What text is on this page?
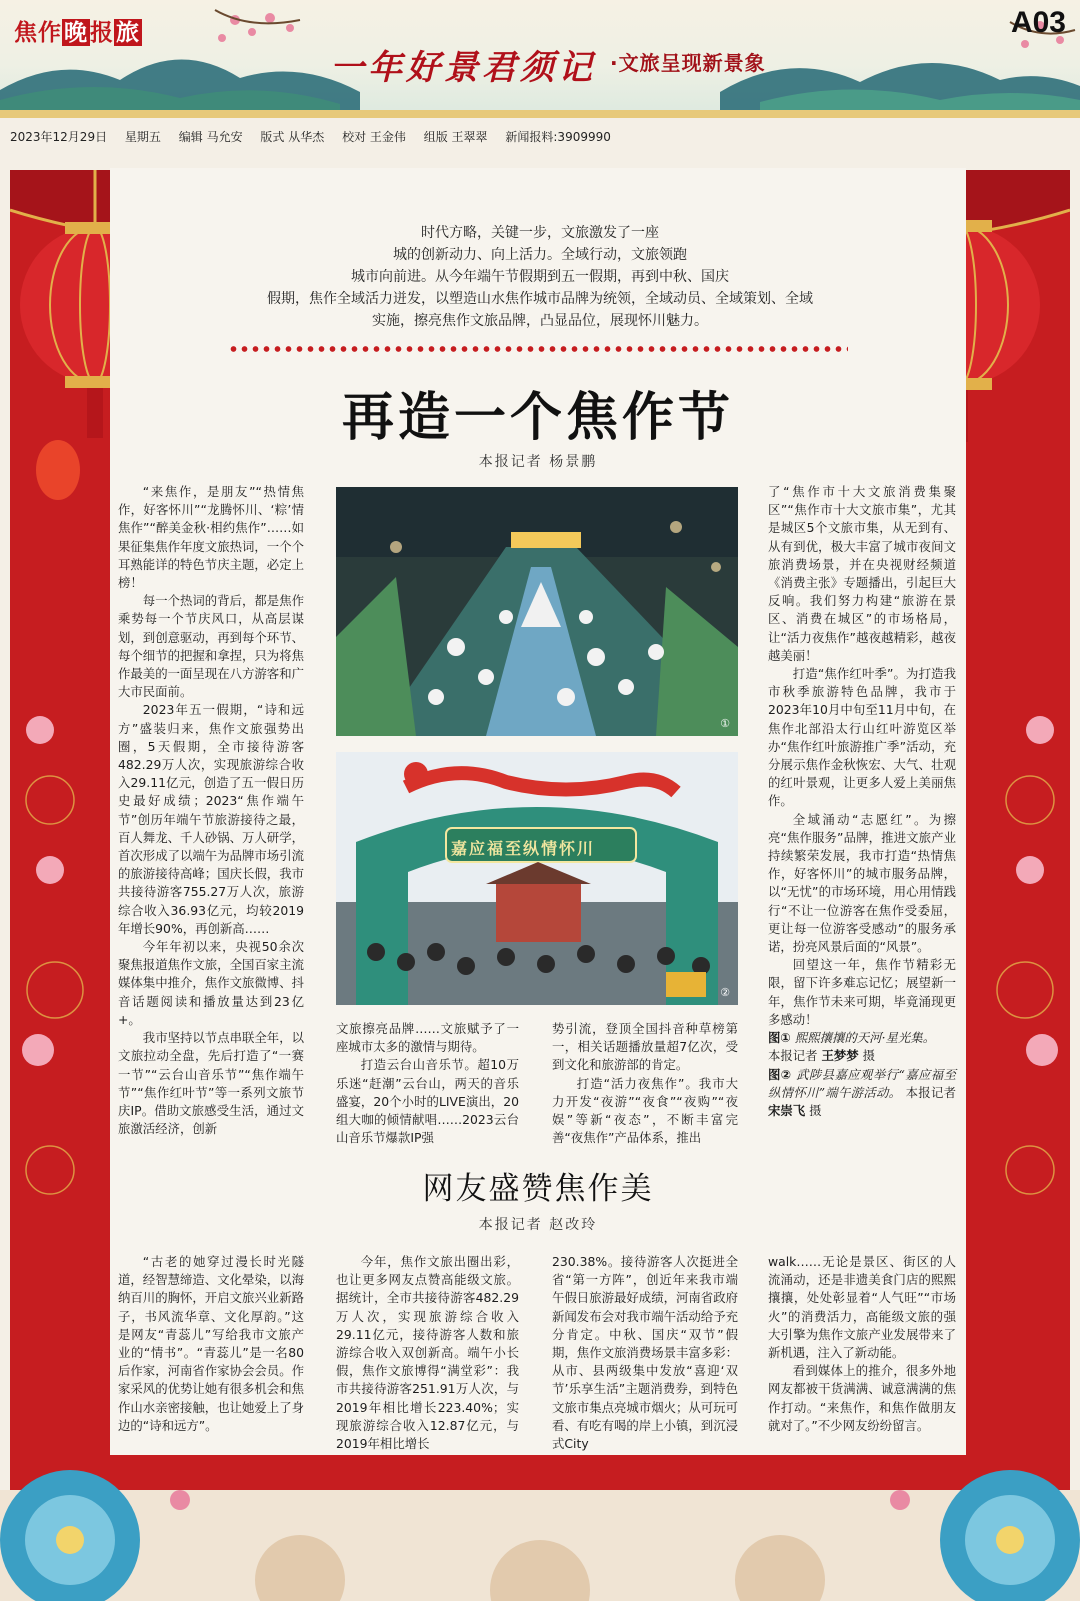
焦作晚报旅	A03
一年好景君须记 ·文旅呈现新景象
2023年12月29日 星期五 编辑 马允安 版式 从华杰 校对 王金伟 组版 王翠翠 新闻报料:3909990

时代方略，关键一步，文旅激发了一座

城的创新动力、向上活力。全域行动，文旅领跑

城市向前进。从今年端午节假期到五一假期，再到中秋、国庆

假期，焦作全域活力迸发，以塑造山水焦作城市品牌为统领，全域动员、全域策划、全域

实施，擦亮焦作文旅品牌，凸显品位，展现怀川魅力。

再造一个焦作节
本报记者 杨景鹏

“来焦作，是朋友”“热情焦作，好客怀川”“龙腾怀川、‘粽’情焦作”“醉美金秋·相约焦作”……如果征集焦作年度文旅热词，一个个耳熟能详的特色节庆主题，必定上榜！

每一个热词的背后，都是焦作乘势每一个节庆风口，从高层谋划，到创意驱动，再到每个环节、每个细节的把握和拿捏，只为将焦作最美的一面呈现在八方游客和广大市民面前。

2023年五一假期，“诗和远方”盛装归来，焦作文旅强势出圈，5天假期，全市接待游客482.29万人次，实现旅游综合收入29.11亿元，创造了五一假日历史最好成绩；2023“焦作端午节”创历年端午节旅游接待之最，百人舞龙、千人砂锅、万人研学，首次形成了以端午为品牌市场引流的旅游接待高峰；国庆长假，我市共接待游客755.27万人次，旅游综合收入36.93亿元，均较2019年增长90%，再创新高……

今年年初以来，央视50余次聚焦报道焦作文旅，全国百家主流媒体集中推介，焦作文旅微博、抖音话题阅读和播放量达到23亿+。

我市坚持以节点串联全年，以文旅拉动全盘，先后打造了“一赛一节”“云台山音乐节”“焦作端午节”“焦作红叶节”等一系列文旅节庆IP。借助文旅感受生活，通过文旅激活经济，创新

①
嘉应福至纵情怀川
②

文旅擦亮品牌……文旅赋予了一座城市太多的激情与期待。

打造云台山音乐节。超10万乐迷“赶潮”云台山，两天的音乐盛宴，20个小时的LIVE演出，20组大咖的倾情献唱……2023云台山音乐节爆款IP强

势引流，登顶全国抖音种草榜第一，相关话题播放量超7亿次，受到文化和旅游部的肯定。

打造“活力夜焦作”。我市大力开发“夜游”“夜食”“夜购”“夜娱”等新“夜态”，不断丰富完善“夜焦作”产品体系，推出

了“焦作市十大文旅消费集聚区”“焦作市十大文旅市集”，尤其是城区5个文旅市集，从无到有、从有到优，极大丰富了城市夜间文旅消费场景，并在央视财经频道《消费主张》专题播出，引起巨大反响。我们努力构建“旅游在景区、消费在城区”的市场格局，让“活力夜焦作”越夜越精彩，越夜越美丽！

打造“焦作红叶季”。为打造我市秋季旅游特色品牌，我市于2023年10月中旬至11月中旬，在焦作北部沿太行山红叶游览区举办“焦作红叶旅游推广季”活动，充分展示焦作金秋恢宏、大气、壮观的红叶景观，让更多人爱上美丽焦作。

全域涌动“志愿红”。为擦亮“焦作服务”品牌，推进文旅产业持续繁荣发展，我市打造“热情焦作，好客怀川”的城市服务品牌，以“无忧”的市场环境，用心用情践行“不让一位游客在焦作受委屈，更让每一位游客受感动”的服务承诺，扮亮风景后面的“风景”。

回望这一年，焦作节精彩无限，留下许多难忘记忆；展望新一年，焦作节未来可期，毕竟涌现更多感动！

图① 熙熙攘攘的天河·星光集。

本报记者 王梦梦 摄

图② 武陟县嘉应观举行“嘉应福至纵情怀川”端午游活动。 本报记者 宋崇飞 摄

网友盛赞焦作美
本报记者 赵改玲

“古老的她穿过漫长时光隧道，经智慧缔造、文化晕染，以海纳百川的胸怀，开启文旅兴业新路子，书风流华章、文化厚韵。”这是网友“青蕊儿”写给我市文旅产业的“情书”。“青蕊儿”是一名80后作家，河南省作家协会会员。作家采风的优势让她有很多机会和焦作山水亲密接触，也让她爱上了身边的“诗和远方”。

今年，焦作文旅出圈出彩，也让更多网友点赞高能级文旅。据统计，全市共接待游客482.29万人次，实现旅游综合收入29.11亿元，接待游客人数和旅游综合收入双创新高。端午小长假，焦作文旅博得“满堂彩”：我市共接待游客251.91万人次，与2019年相比增长223.40%；实现旅游综合收入12.87亿元，与2019年相比增长

230.38%。接待游客人次挺进全省“第一方阵”，创近年来我市端午假日旅游最好成绩，河南省政府新闻发布会对我市端午活动给予充分肯定。中秋、国庆“双节”假期，焦作文旅消费场景丰富多彩：从市、县两级集中发放“喜迎‘双节’乐享生活”主题消费券，到特色文旅市集点亮城市烟火；从可玩可看、有吃有喝的岸上小镇，到沉浸式City

walk……无论是景区、街区的人流涌动，还是非遗美食门店的熙熙攘攘，处处彰显着“人气旺”“市场火”的消费活力，高能级文旅的强大引擎为焦作文旅产业发展带来了新机遇，注入了新动能。

看到媒体上的推介，很多外地网友都被干货满满、诚意满满的焦作打动。“来焦作，和焦作做朋友就对了。”不少网友纷纷留言。
